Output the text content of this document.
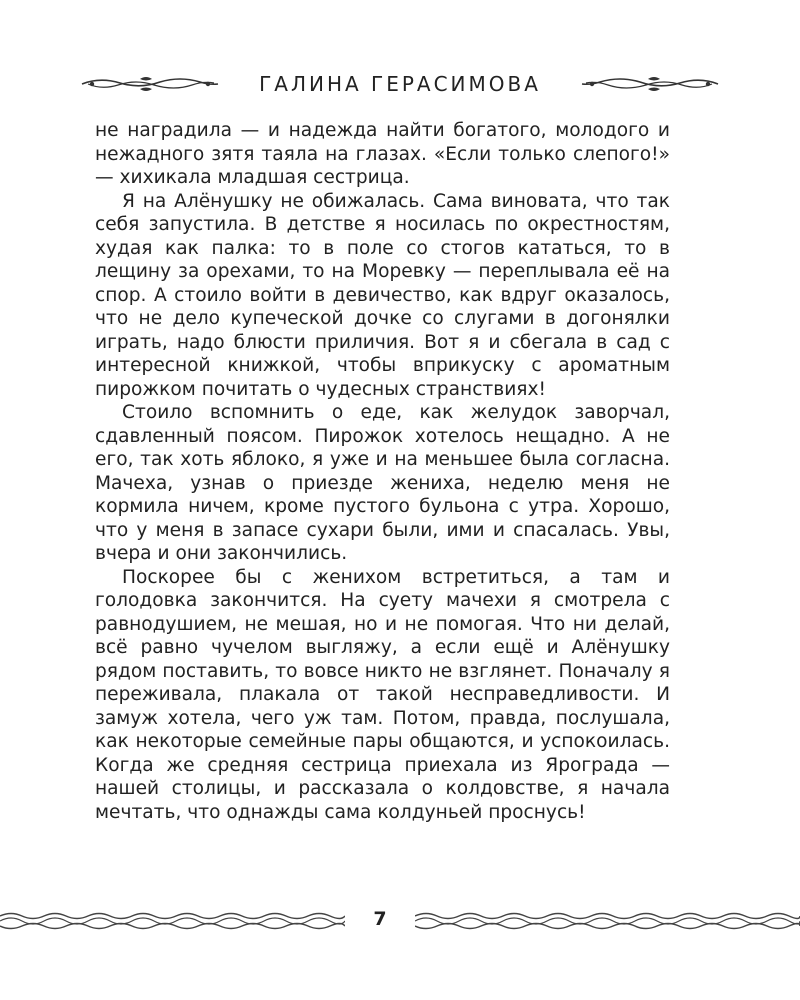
ГАЛИНА ГЕРАСИМОВА

не наградила — и надежда найти богатого, молодого и нежадного зятя таяла на глазах. «Если только слепого!» — хихикала младшая сестрица.

Я на Алёнушку не обижалась. Сама виновата, что так себя запустила. В детстве я носилась по окрестностям, худая как палка: то в поле со стогов кататься, то в лещину за орехами, то на Моревку — переплывала её на спор. А стоило войти в девичество, как вдруг оказалось, что не дело купеческой дочке со слугами в догонялки играть, надо блюсти приличия. Вот я и сбегала в сад с интересной книжкой, чтобы вприкуску с ароматным пирожком почитать о чудесных странствиях!

Стоило вспомнить о еде, как желудок заворчал, сдавленный поясом. Пирожок хотелось нещадно. А не его, так хоть яблоко, я уже и на меньшее была согласна. Мачеха, узнав о приезде жениха, неделю меня не кормила ничем, кроме пустого бульона с утра. Хорошо, что у меня в запасе сухари были, ими и спасалась. Увы, вчера и они закончились.

Поскорее бы с женихом встретиться, а там и голодовка закончится. На суету мачехи я смотрела с равнодушием, не мешая, но и не помогая. Что ни делай, всё равно чучелом выгляжу, а если ещё и Алёнушку рядом поставить, то вовсе никто не взглянет. Поначалу я переживала, плакала от такой несправедливости. И замуж хотела, чего уж там. Потом, правда, послушала, как некоторые семейные пары общаются, и успокоилась. Когда же средняя сестрица приехала из Ярограда — нашей столицы, и рассказала о колдовстве, я начала мечтать, что однажды сама колдуньей проснусь!

7
